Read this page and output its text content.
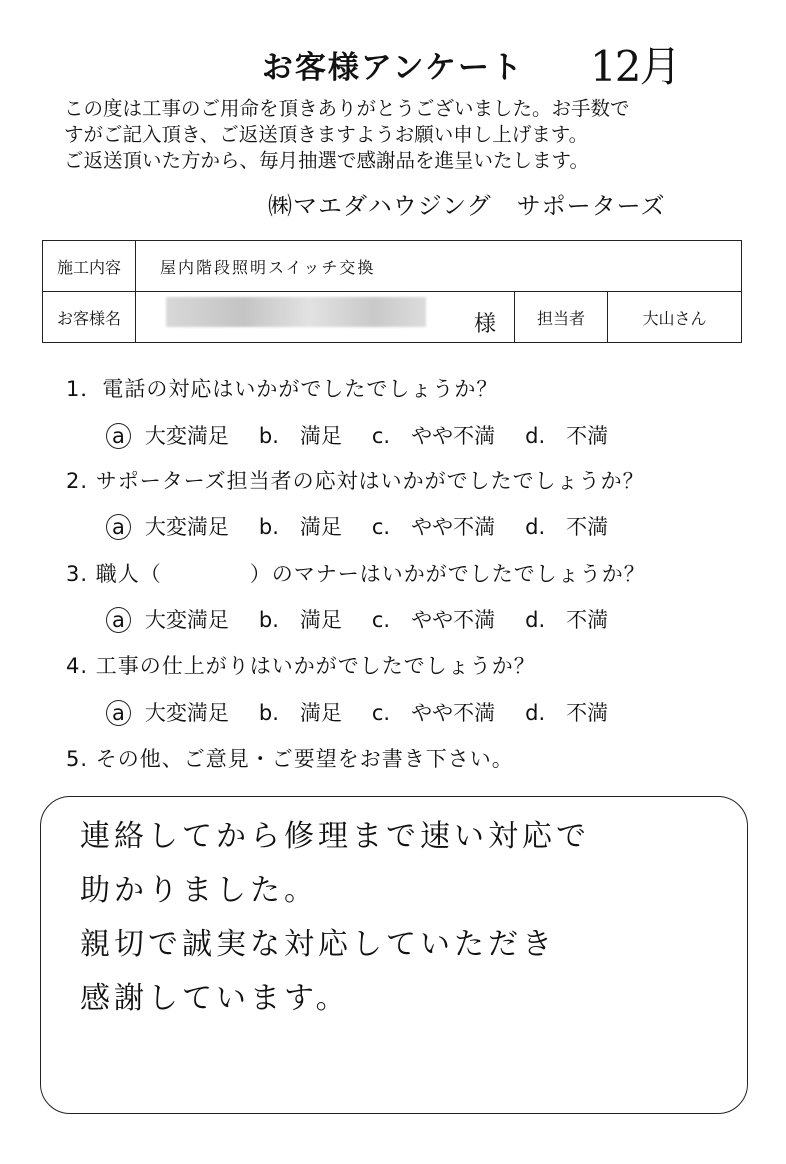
お客様アンケート	12月
この度は工事のご用命を頂きありがとうございました。お手数で
すがご記入頂き、ご返送頂きますようお願い申し上げます。
ご返送頂いた方から、毎月抽選で感謝品を進呈いたします。
㈱マエダハウジング　サポーターズ
施工内容	屋内階段照明スイッチ交換		
お客様名	様	担当者	大山さん
1．電話の対応はいかがでしたでしょうか？
a 大変満足 b.　満足 c.　やや不満 d.　不満
2. サポーターズ担当者の応対はいかがでしたでしょうか？
a 大変満足 b.　満足 c.　やや不満 d.　不満
3. 職人（　　　　）のマナーはいかがでしたでしょうか？
a 大変満足 b.　満足 c.　やや不満 d.　不満
4. 工事の仕上がりはいかがでしたでしょうか？
a 大変満足 b.　満足 c.　やや不満 d.　不満
5. その他、ご意見・ご要望をお書き下さい。
連絡してから修理まで速い対応で
助かりました。
親切で誠実な対応していただき
感謝しています。
